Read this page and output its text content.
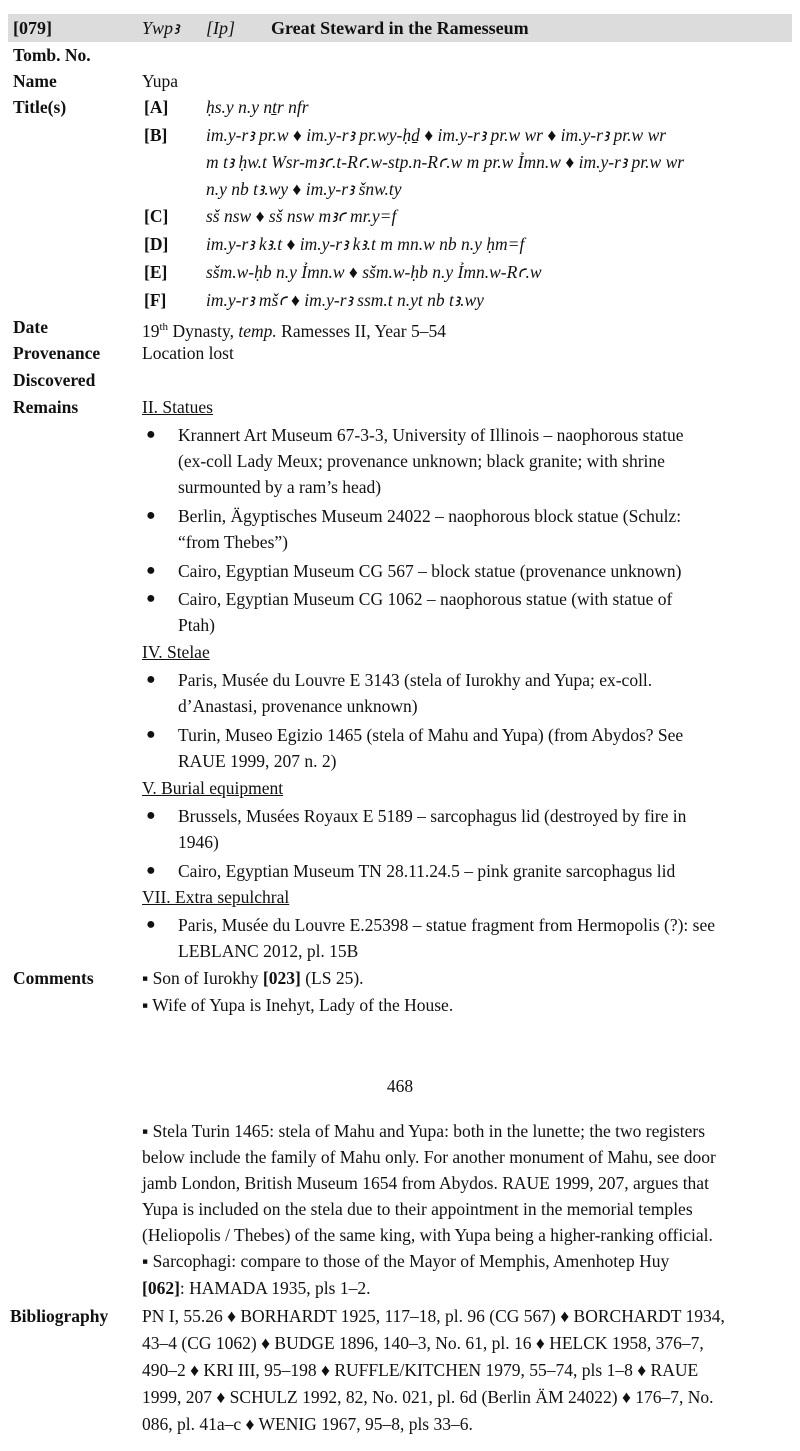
[079]	Ywpꜣ [Ip] Great Steward in the Ramesseum
Tomb. No.
Name	Yupa
Title(s)	[A] ḥs.y n.y nṯr nfr
[B] im.y-rꜣ pr.w ♦ im.y-rꜣ pr.wy-ḥḏ ♦ im.y-rꜣ pr.w wr ♦ im.y-rꜣ pr.w wr
m tꜣ ḥw.t Wsr-mꜣꜥ.t-Rꜥ.w-stp.n-Rꜥ.w m pr.w Ỉmn.w ♦ im.y-rꜣ pr.w wr
n.y nb tꜣ.wy ♦ im.y-rꜣ šnw.ty
[C] sš nsw ♦ sš nsw mꜣꜥ mr.y=f
[D] im.y-rꜣ kꜣ.t ♦ im.y-rꜣ kꜣ.t m mn.w nb n.y ḥm=f
[E] sšm.w-ḥb n.y Ỉmn.w ♦ sšm.w-ḥb n.y Ỉmn.w-Rꜥ.w
[F] im.y-rꜣ mšꜥ ♦ im.y-rꜣ ssm.t n.yt nb tꜣ.wy
Date	19th Dynasty, temp. Ramesses II, Year 5–54
Provenance Location lost
Discovered
Remains	II. Statues
● Krannert Art Museum 67-3-3, University of Illinois – naophorous statue
(ex-coll Lady Meux; provenance unknown; black granite; with shrine
surmounted by a ram’s head)
● Berlin, Ägyptisches Museum 24022 – naophorous block statue (Schulz:
“from Thebes”)
● Cairo, Egyptian Museum CG 567 – block statue (provenance unknown)
● Cairo, Egyptian Museum CG 1062 – naophorous statue (with statue of
Ptah)
IV. Stelae
● Paris, Musée du Louvre E 3143 (stela of Iurokhy and Yupa; ex-coll.
d’Anastasi, provenance unknown)
● Turin, Museo Egizio 1465 (stela of Mahu and Yupa) (from Abydos? See
RAUE 1999, 207 n. 2)
V. Burial equipment
● Brussels, Musées Royaux E 5189 – sarcophagus lid (destroyed by fire in
1946)
● Cairo, Egyptian Museum TN 28.11.24.5 – pink granite sarcophagus lid
VII. Extra sepulchral
● Paris, Musée du Louvre E.25398 – statue fragment from Hermopolis (?): see
LEBLANC 2012, pl. 15B
Comments	▪ Son of Iurokhy [023] (LS 25).
▪ Wife of Yupa is Inehyt, Lady of the House.
468
▪ Stela Turin 1465: stela of Mahu and Yupa: both in the lunette; the two registers
below include the family of Mahu only. For another monument of Mahu, see door
jamb London, British Museum 1654 from Abydos. RAUE 1999, 207, argues that
Yupa is included on the stela due to their appointment in the memorial temples
(Heliopolis / Thebes) of the same king, with Yupa being a higher-ranking official.
▪ Sarcophagi: compare to those of the Mayor of Memphis, Amenhotep Huy
[062]: HAMADA 1935, pls 1–2.
Bibliography PN I, 55.26 ♦ BORHARDT 1925, 117–18, pl. 96 (CG 567) ♦ BORCHARDT 1934,
43–4 (CG 1062) ♦ BUDGE 1896, 140–3, No. 61, pl. 16 ♦ HELCK 1958, 376–7,
490–2 ♦ KRI III, 95–198 ♦ RUFFLE/KITCHEN 1979, 55–74, pls 1–8 ♦ RAUE
1999, 207 ♦ SCHULZ 1992, 82, No. 021, pl. 6d (Berlin ÄM 24022) ♦ 176–7, No.
086, pl. 41a–c ♦ WENIG 1967, 95–8, pls 33–6.
